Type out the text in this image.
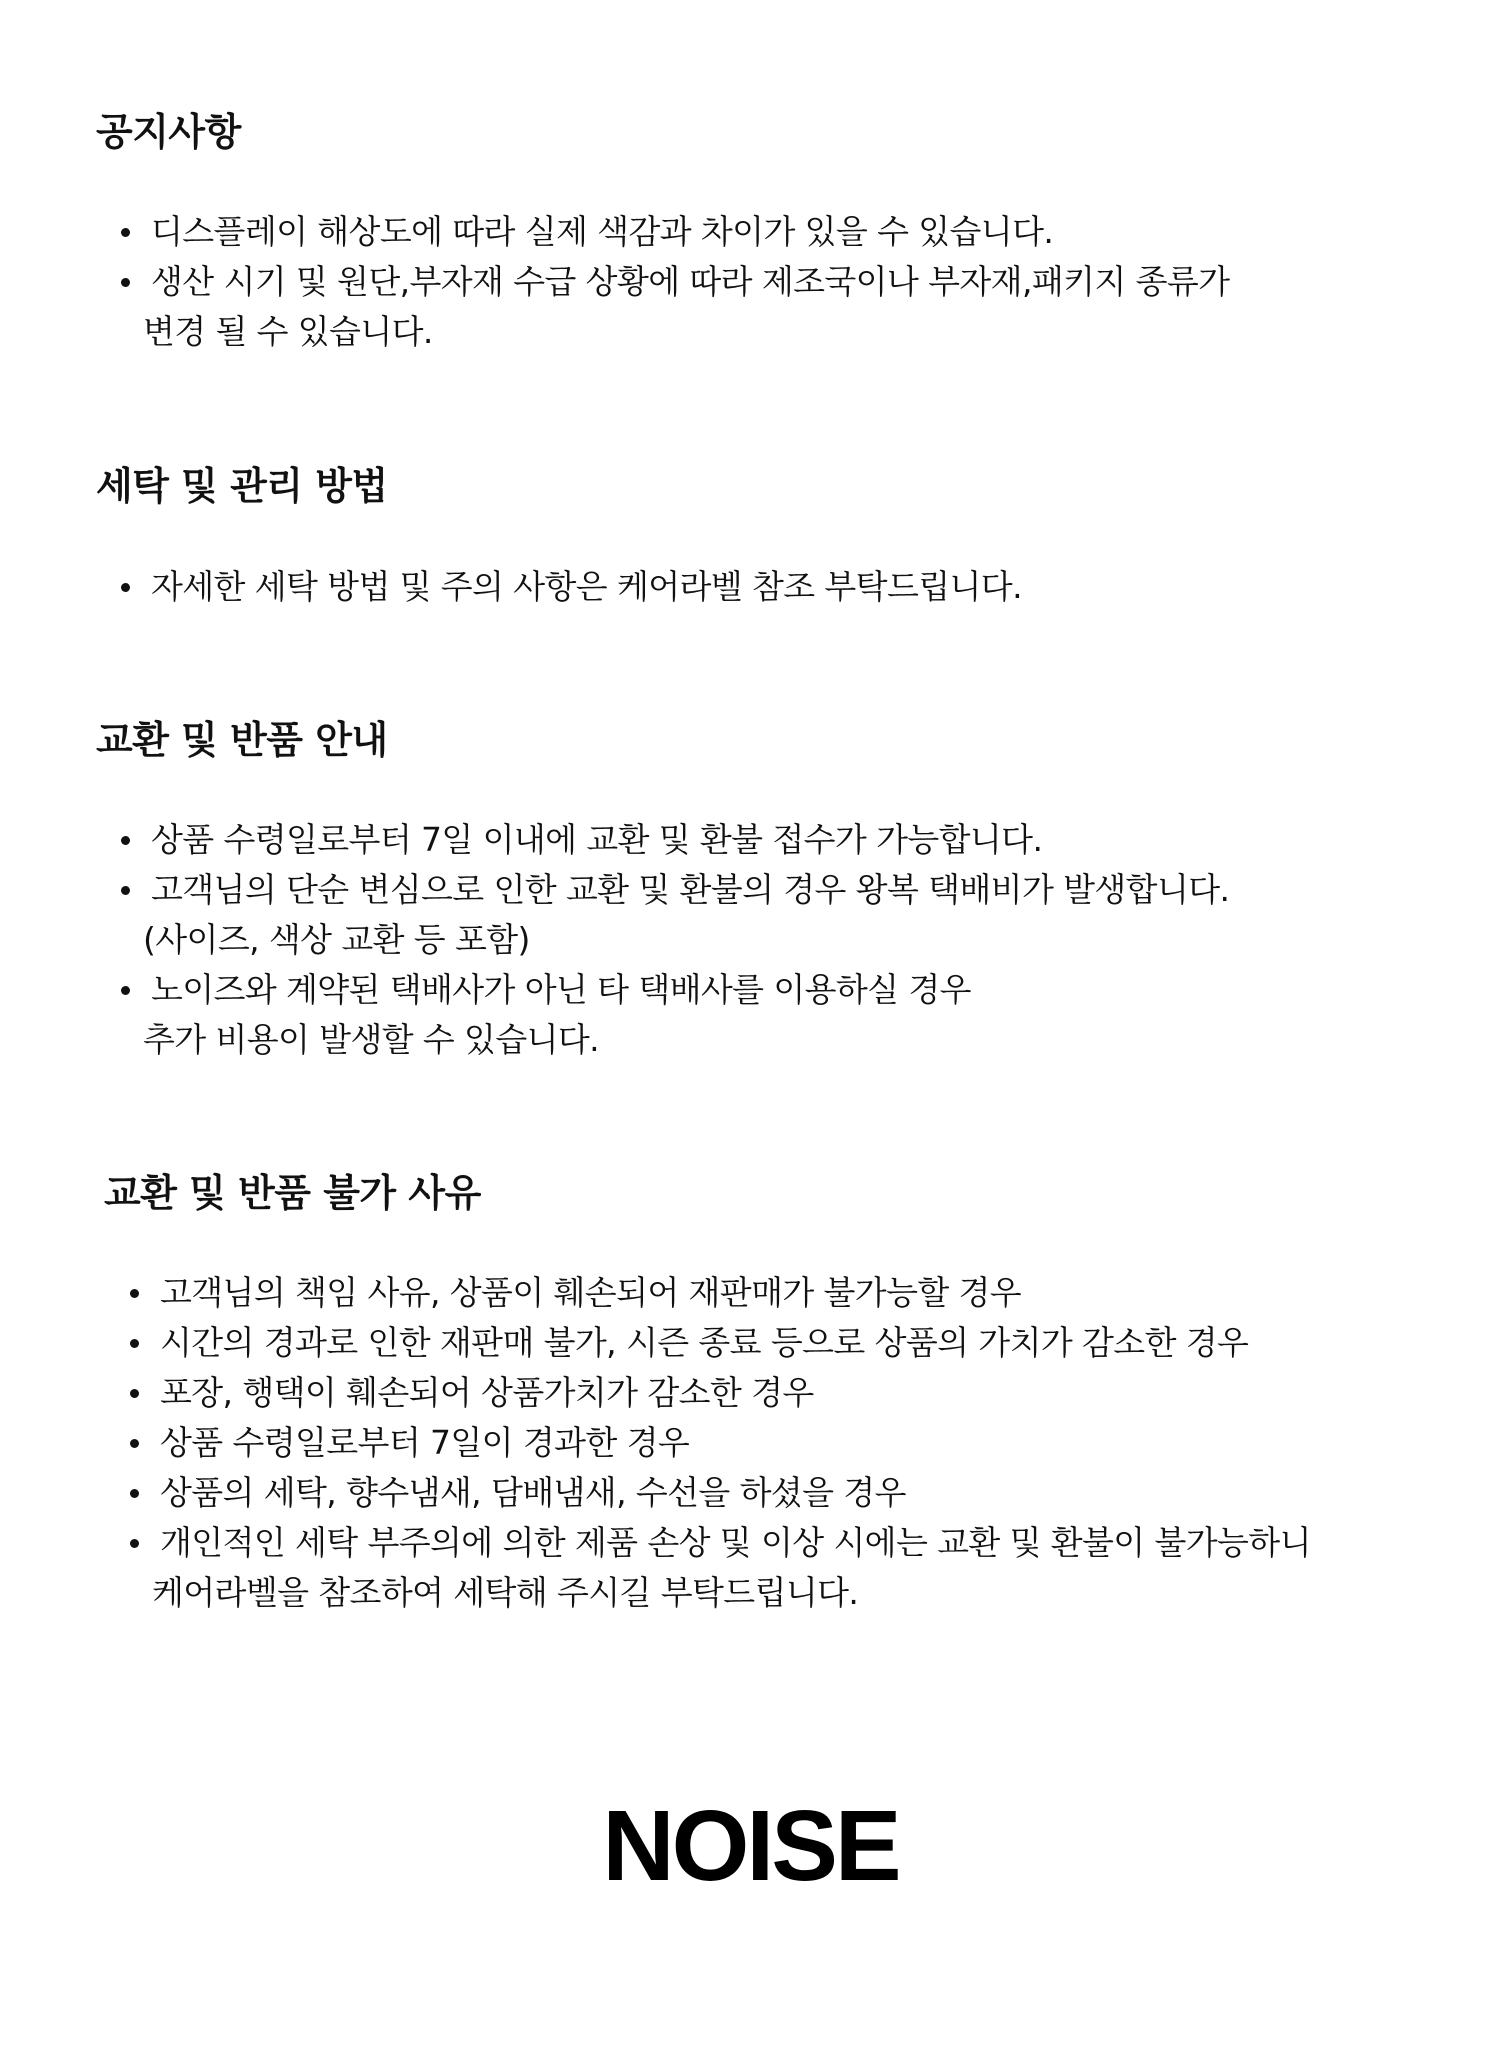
공지사항
디스플레이 해상도에 따라 실제 색감과 차이가 있을 수 있습니다.
생산 시기 및 원단,부자재 수급 상황에 따라 제조국이나 부자재,패키지 종류가
변경 될 수 있습니다.
세탁 및 관리 방법
자세한 세탁 방법 및 주의 사항은 케어라벨 참조 부탁드립니다.
교환 및 반품 안내
상품 수령일로부터 7일 이내에 교환 및 환불 접수가 가능합니다.
고객님의 단순 변심으로 인한 교환 및 환불의 경우 왕복 택배비가 발생합니다.
(사이즈, 색상 교환 등 포함)
노이즈와 계약된 택배사가 아닌 타 택배사를 이용하실 경우
추가 비용이 발생할 수 있습니다.
교환 및 반품 불가 사유
고객님의 책임 사유, 상품이 훼손되어 재판매가 불가능할 경우
시간의 경과로 인한 재판매 불가, 시즌 종료 등으로 상품의 가치가 감소한 경우
포장, 행택이 훼손되어 상품가치가 감소한 경우
상품 수령일로부터 7일이 경과한 경우
상품의 세탁, 향수냄새, 담배냄새, 수선을 하셨을 경우
개인적인 세탁 부주의에 의한 제품 손상 및 이상 시에는 교환 및 환불이 불가능하니
케어라벨을 참조하여 세탁해 주시길 부탁드립니다.
NOISE
